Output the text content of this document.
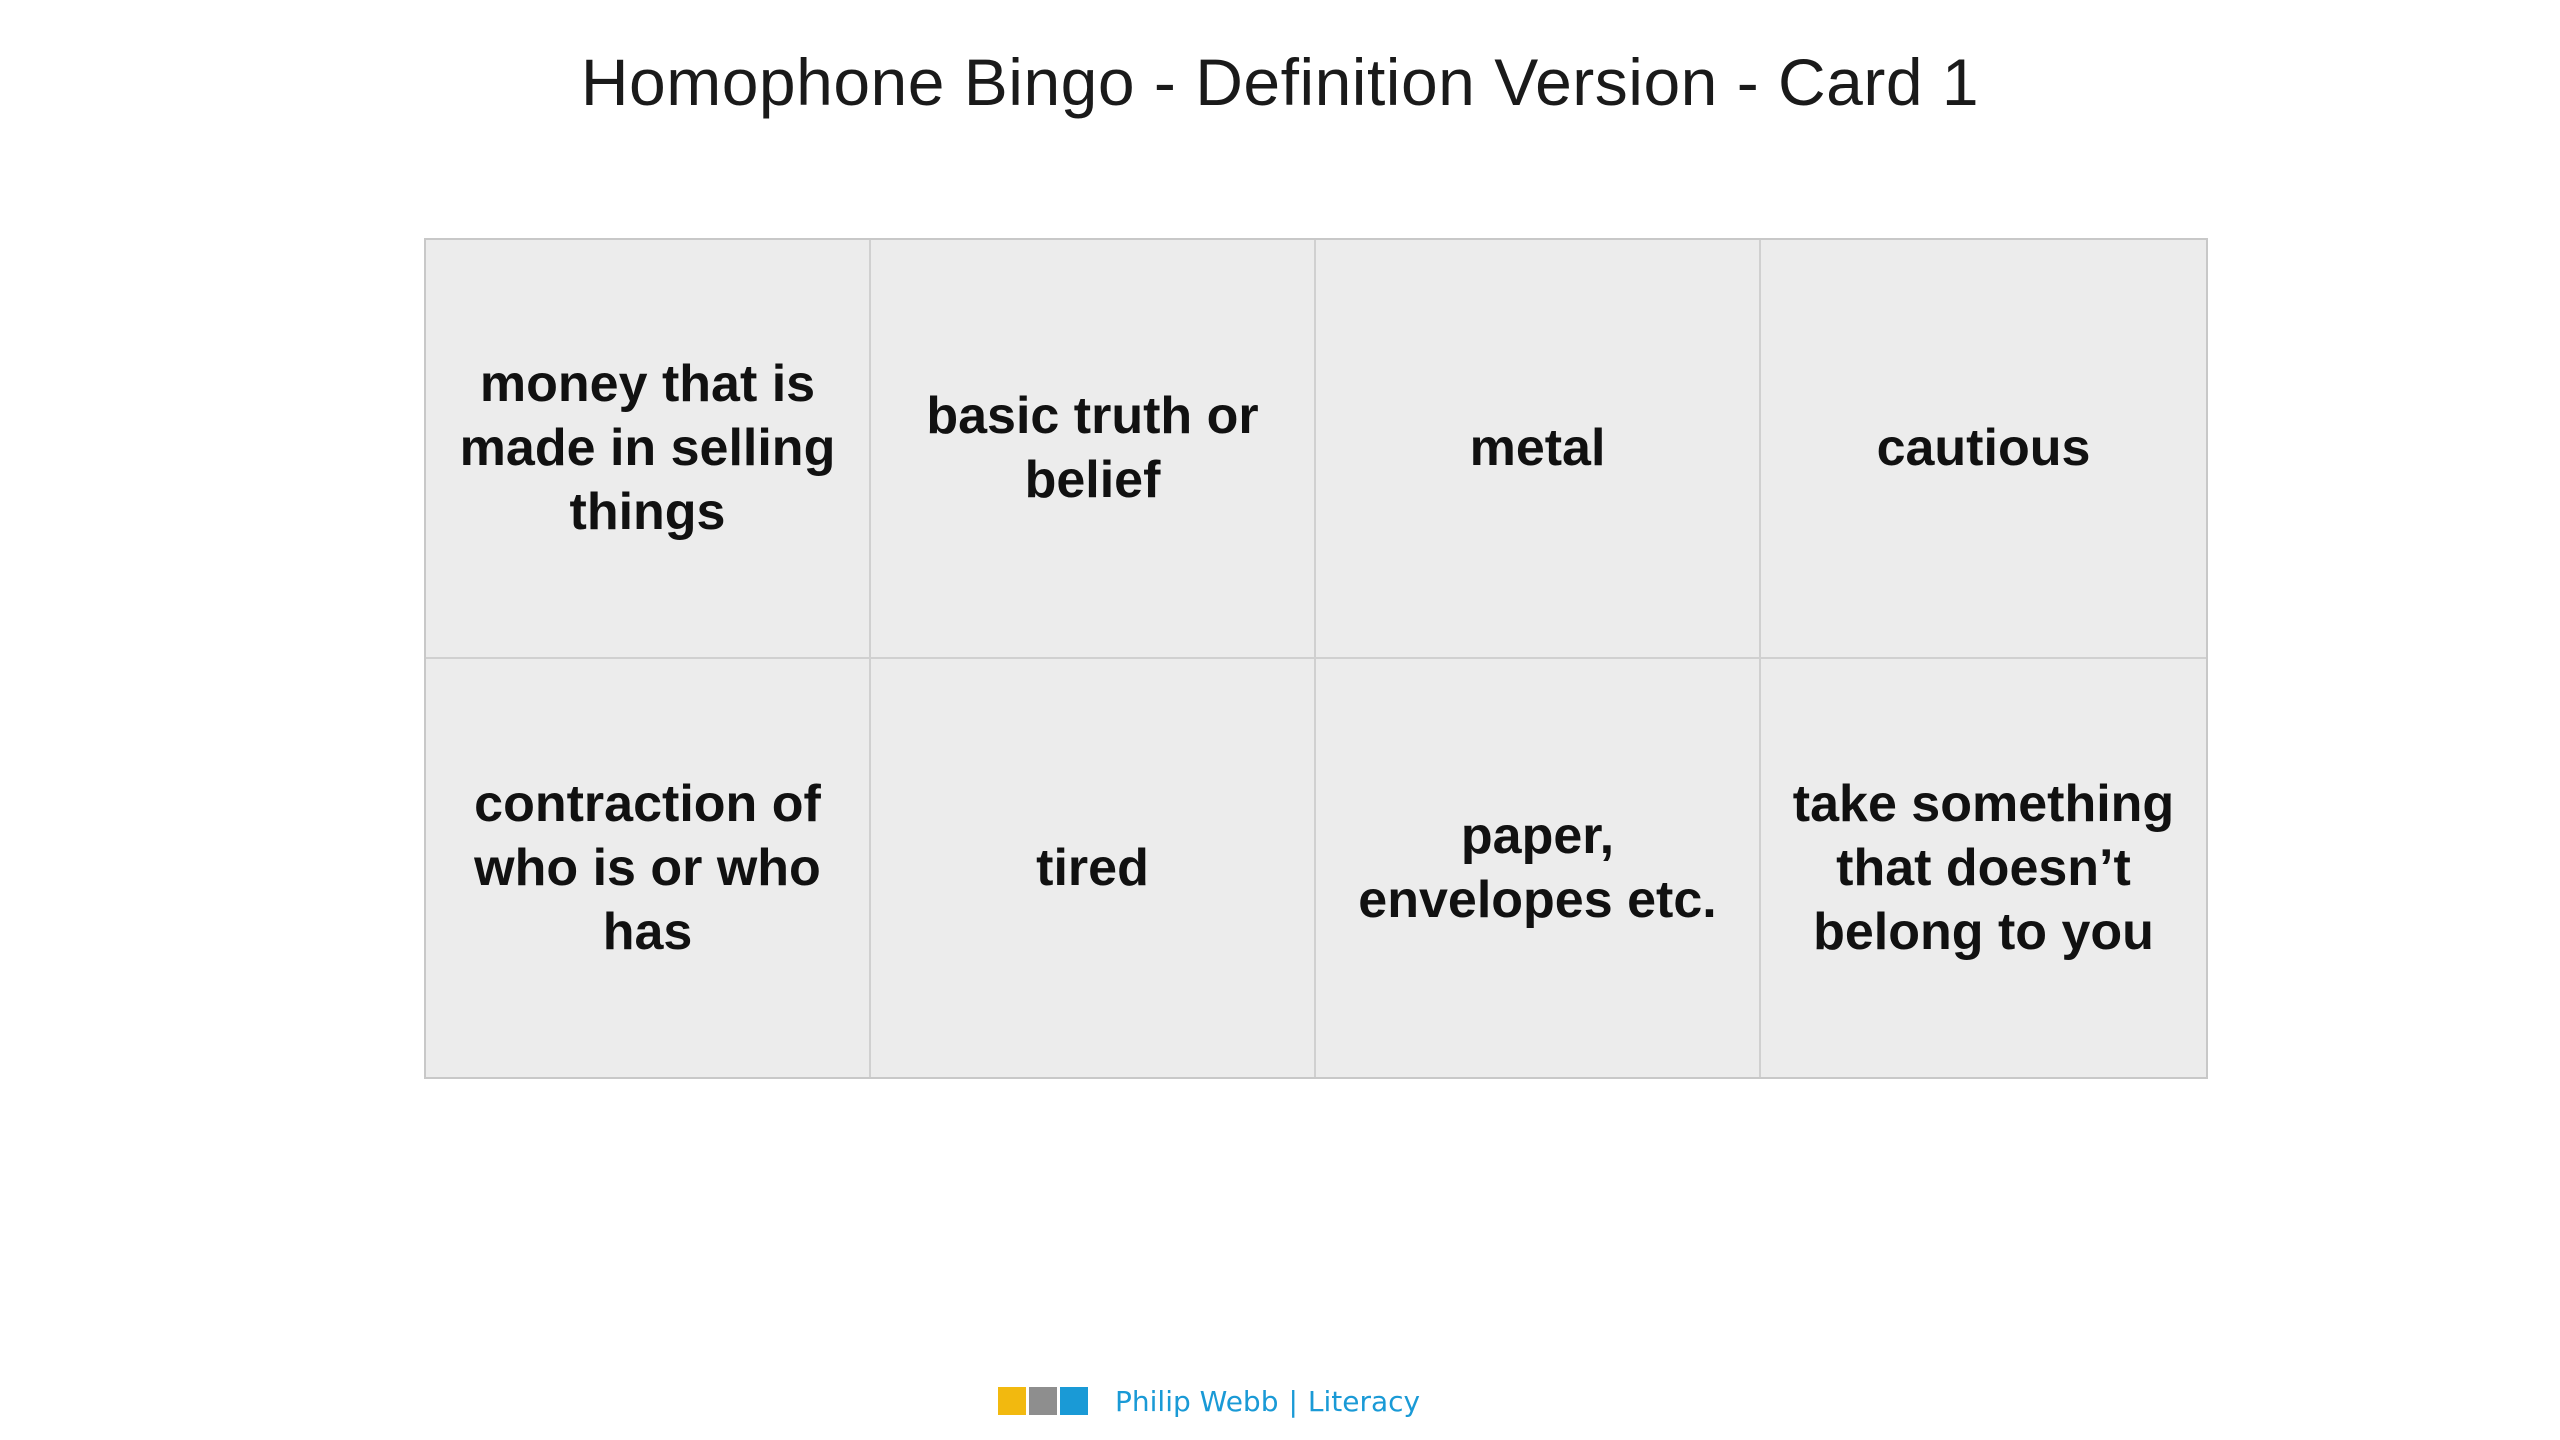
Homophone Bingo - Definition Version - Card 1
money that is made in selling things
basic truth or belief
metal	cautious
contraction of who is or who has
tired
paper, envelopes etc.
take something that doesn’t belong to you
Philip Webb | Literacy
